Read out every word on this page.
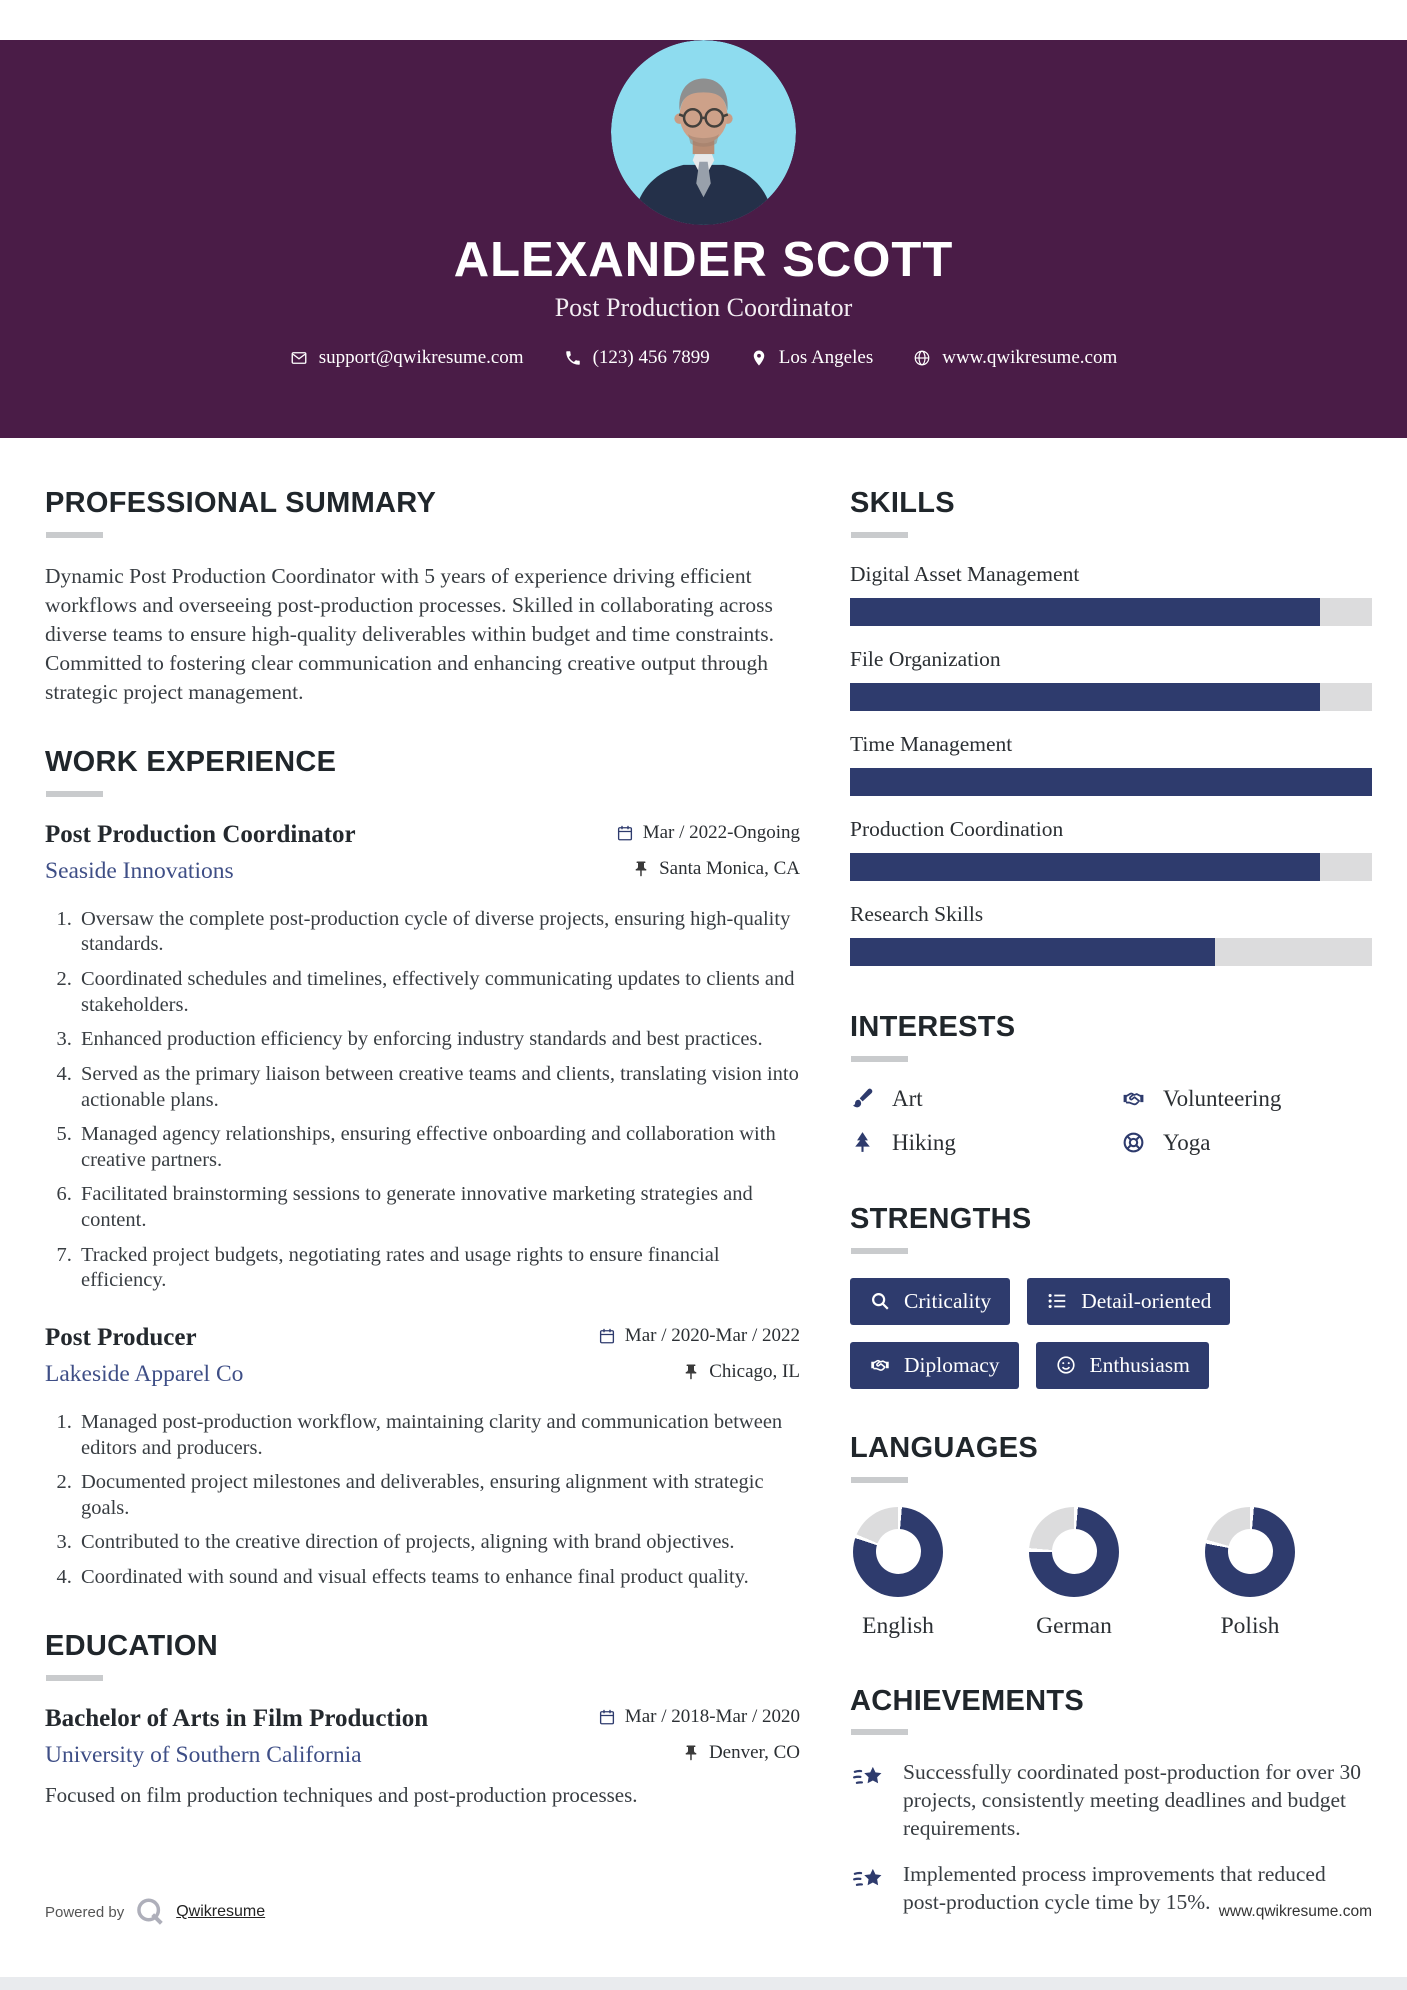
ALEXANDER SCOTT
Post Production Coordinator
support@qwikresume.com	(123) 456 7899	Los Angeles	www.qwikresume.com
PROFESSIONAL SUMMARY

Dynamic Post Production Coordinator with 5 years of experience driving efficient workflows and overseeing post-production processes. Skilled in collaborating across diverse teams to ensure high-quality deliverables within budget and time constraints. Committed to fostering clear communication and enhancing creative output through strategic project management.

WORK EXPERIENCE
Post Production Coordinator	Mar / 2022-Ongoing
Seaside Innovations	Santa Monica, CA
1. Oversaw the complete post-production cycle of diverse projects, ensuring high-quality standards.
2. Coordinated schedules and timelines, effectively communicating updates to clients and stakeholders.
3. Enhanced production efficiency by enforcing industry standards and best practices.
4. Served as the primary liaison between creative teams and clients, translating vision into actionable plans.
5. Managed agency relationships, ensuring effective onboarding and collaboration with creative partners.
6. Facilitated brainstorming sessions to generate innovative marketing strategies and content.
7. Tracked project budgets, negotiating rates and usage rights to ensure financial efficiency.
Post Producer	Mar / 2020-Mar / 2022
Lakeside Apparel Co	Chicago, IL
1. Managed post-production workflow, maintaining clarity and communication between editors and producers.
2. Documented project milestones and deliverables, ensuring alignment with strategic goals.
3. Contributed to the creative direction of projects, aligning with brand objectives.
4. Coordinated with sound and visual effects teams to enhance final product quality.
EDUCATION
Bachelor of Arts in Film Production	Mar / 2018-Mar / 2020
University of Southern California	Denver, CO

Focused on film production techniques and post-production processes.

SKILLS
Digital Asset Management
File Organization
Time Management
Production Coordination
Research Skills
INTERESTS
Art	Volunteering
Hiking	Yoga
STRENGTHS
Criticality	Detail-oriented
Diplomacy	Enthusiasm
LANGUAGES
English	German	Polish
ACHIEVEMENTS
Successfully coordinated post-production for over 30 projects, consistently meeting deadlines and budget requirements.
Implemented process improvements that reduced post-production cycle time by 15%.
Powered by	Qwikresume	www.qwikresume.com
